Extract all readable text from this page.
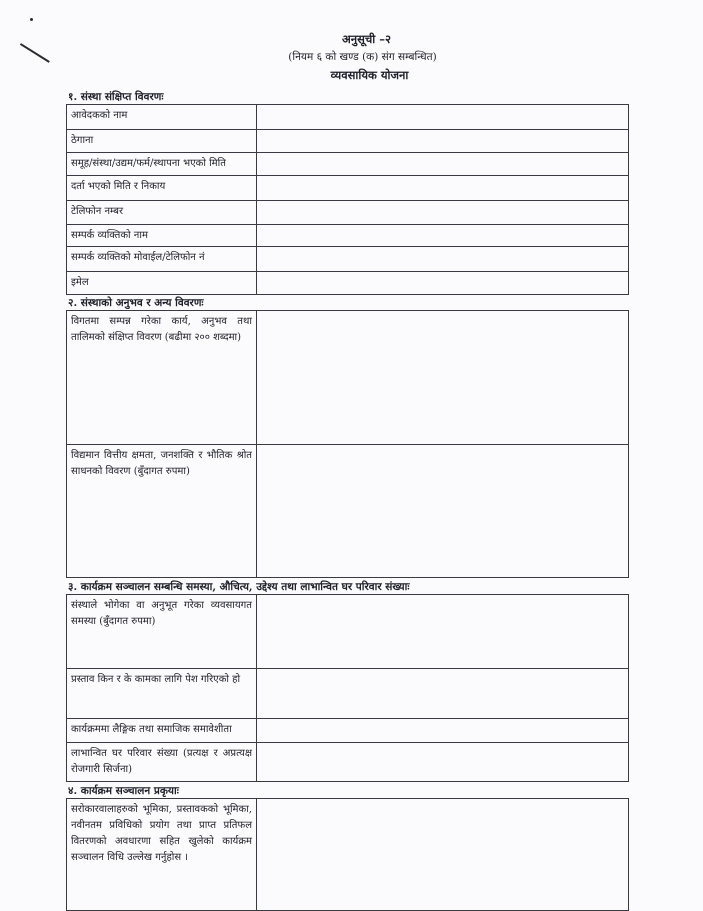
अनुसूची –२
(नियम ६ को खण्ड (क) संग सम्बन्धित)
व्यवसायिक योजना
१. संस्था संक्षिप्त विवरणः
आवेदकको नाम	
ठेगाना	
समूह/संस्था/उद्यम/फर्म/स्थापना भएको मिति	
दर्ता भएको मिति र निकाय	
टेलिफोन नम्बर	
सम्पर्क व्यक्तिको नाम	
सम्पर्क व्यक्तिको मोवाईल/टेलिफोन नं	
इमेल	
२. संस्थाको अनुभव र अन्य विवरणः
विगतमा सम्पन्न गरेका कार्य, अनुभव तथा तालिमको संक्षिप्त विवरण (बढीमा २०० शब्दमा)	
विद्यमान वित्तीय क्षमता, जनशक्ति र भौतिक श्रोत साधनको विवरण (बुँदागत रुपमा)	
३. कार्यक्रम सञ्चालन सम्बन्धि समस्या, औचित्य, उद्देश्य तथा लाभान्वित घर परिवार संख्याः
संस्थाले भोगेका वा अनुभूत गरेका व्यवसायगत समस्या (बुँदागत रुपमा)	
प्रस्ताव किन र के कामका लागि पेश गरिएको हो	
कार्यक्रममा लैङ्गिक तथा समाजिक समावेशीता	
लाभान्वित घर परिवार संख्या (प्रत्यक्ष र अप्रत्यक्ष रोजगारी सिर्जना)	
४. कार्यक्रम सञ्चालन प्रकृयाः
सरोकारवालाहरुको भूमिका, प्रस्तावकको भूमिका, नवीनतम प्रविधिको प्रयोग तथा प्राप्त प्रतिफल वितरणको अवधारणा सहित खुलेको कार्यक्रम सञ्चालन विधि उल्लेख गर्नुहोस ।	
